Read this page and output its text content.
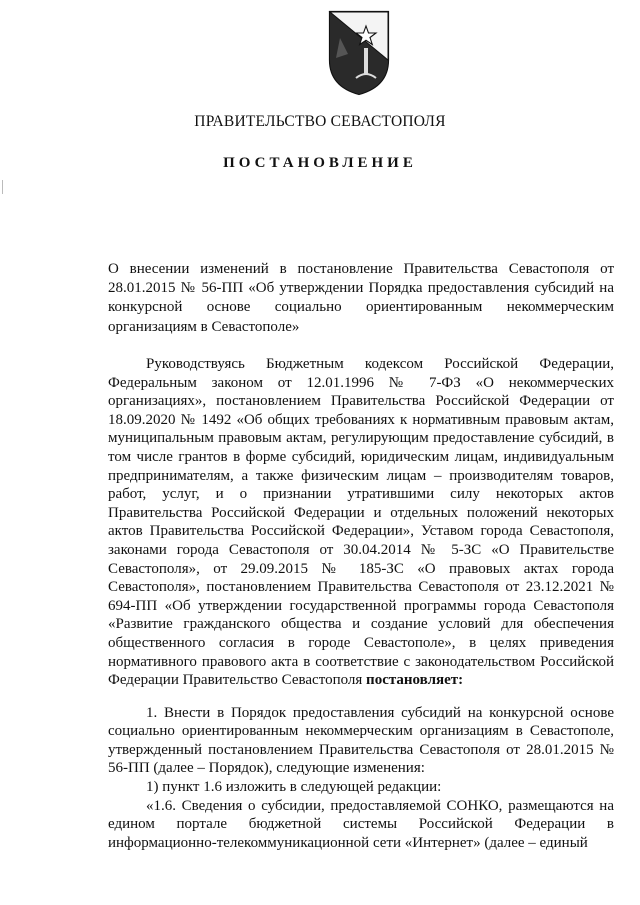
ПРАВИТЕЛЬСТВО СЕВАСТОПОЛЯ
ПОСТАНОВЛЕНИЕ
О внесении изменений в постановление Правительства Севастополя от 28.01.2015 № 56-ПП «Об утверждении Порядка предоставления субсидий на конкурсной основе социально ориентированным некоммерческим организациям в Севастополе»

Руководствуясь Бюджетным кодексом Российской Федерации, Федеральным законом от 12.01.1996 № 7-ФЗ «О некоммерческих организациях», постановлением Правительства Российской Федерации от 18.09.2020 № 1492 «Об общих требованиях к нормативным правовым актам, муниципальным правовым актам, регулирующим предоставление субсидий, в том числе грантов в форме субсидий, юридическим лицам, индивидуальным предпринимателям, а также физическим лицам – производителям товаров, работ, услуг, и о признании утратившими силу некоторых актов Правительства Российской Федерации и отдельных положений некоторых актов Правительства Российской Федерации», Уставом города Севастополя, законами города Севастополя от 30.04.2014 № 5-ЗС «О Правительстве Севастополя», от 29.09.2015 № 185-ЗС «О правовых актах города Севастополя», постановлением Правительства Севастополя от 23.12.2021 № 694-ПП «Об утверждении государственной программы города Севастополя «Развитие гражданского общества и создание условий для обеспечения общественного согласия в городе Севастополе», в целях приведения нормативного правового акта в соответствие с законодательством Российской Федерации Правительство Севастополя постановляет:

1. Внести в Порядок предоставления субсидий на конкурсной основе социально ориентированным некоммерческим организациям в Севастополе, утвержденный постановлением Правительства Севастополя от 28.01.2015 № 56-ПП (далее – Порядок), следующие изменения:

1) пункт 1.6 изложить в следующей редакции:

«1.6. Сведения о субсидии, предоставляемой СОНКО, размещаются на едином портале бюджетной системы Российской Федерации в информационно-телекоммуникационной сети «Интернет» (далее – единый
